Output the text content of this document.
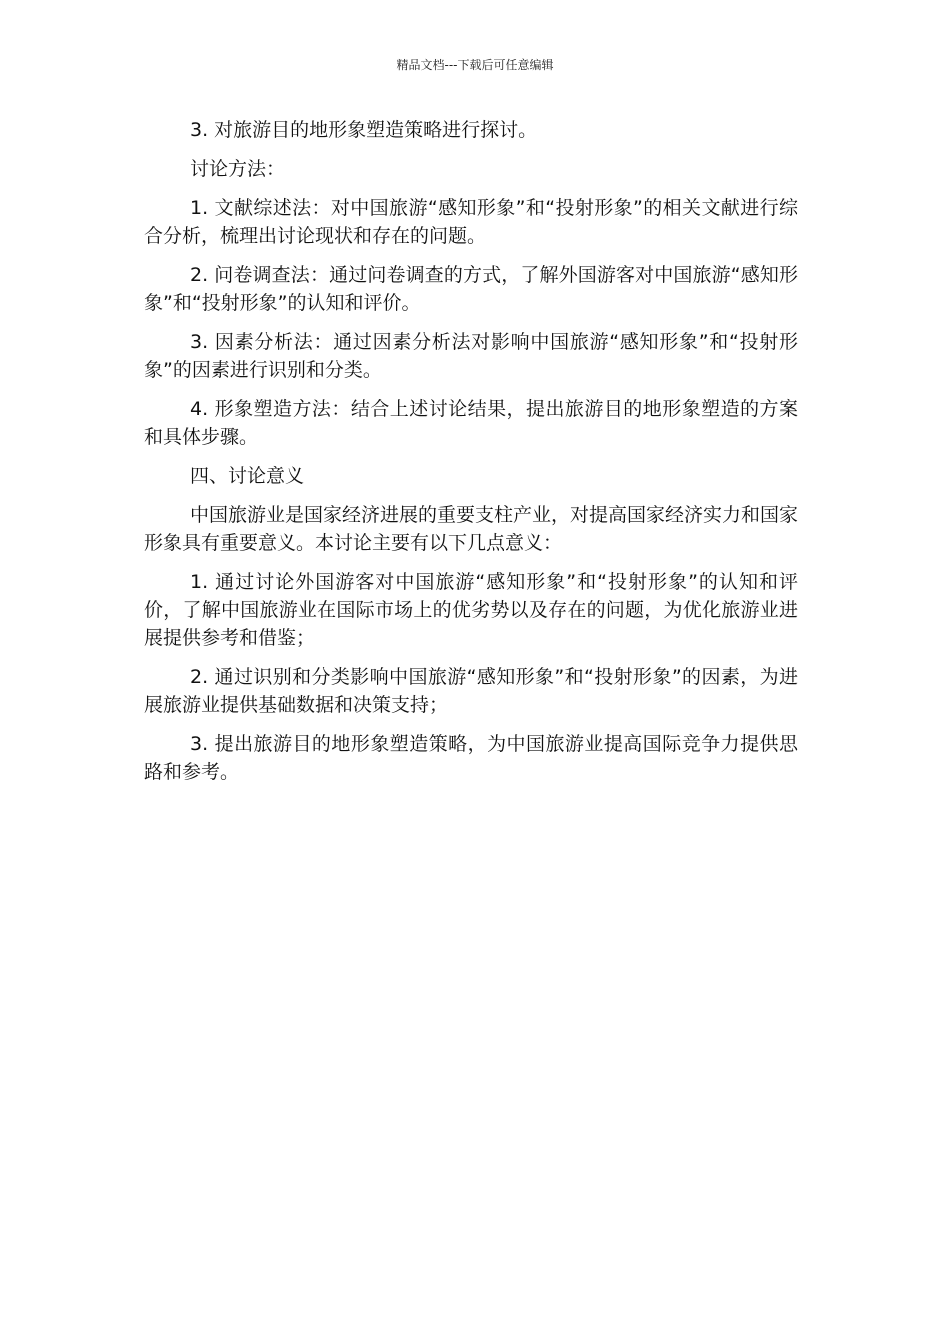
精品文档---下载后可任意编辑

3. 对旅游目的地形象塑造策略进行探讨。

讨论方法：

1. 文献综述法：对中国旅游“感知形象”和“投射形象”的相关文献进行综合分析，梳理出讨论现状和存在的问题。

2. 问卷调查法：通过问卷调查的方式，了解外国游客对中国旅游“感知形象”和“投射形象”的认知和评价。

3. 因素分析法：通过因素分析法对影响中国旅游“感知形象”和“投射形象”的因素进行识别和分类。

4. 形象塑造方法：结合上述讨论结果，提出旅游目的地形象塑造的方案和具体步骤。

四、讨论意义

中国旅游业是国家经济进展的重要支柱产业，对提高国家经济实力和国家形象具有重要意义。本讨论主要有以下几点意义：

1. 通过讨论外国游客对中国旅游“感知形象”和“投射形象”的认知和评价，了解中国旅游业在国际市场上的优劣势以及存在的问题，为优化旅游业进展提供参考和借鉴；

2. 通过识别和分类影响中国旅游“感知形象”和“投射形象”的因素，为进展旅游业提供基础数据和决策支持；

3. 提出旅游目的地形象塑造策略，为中国旅游业提高国际竞争力提供思路和参考。
